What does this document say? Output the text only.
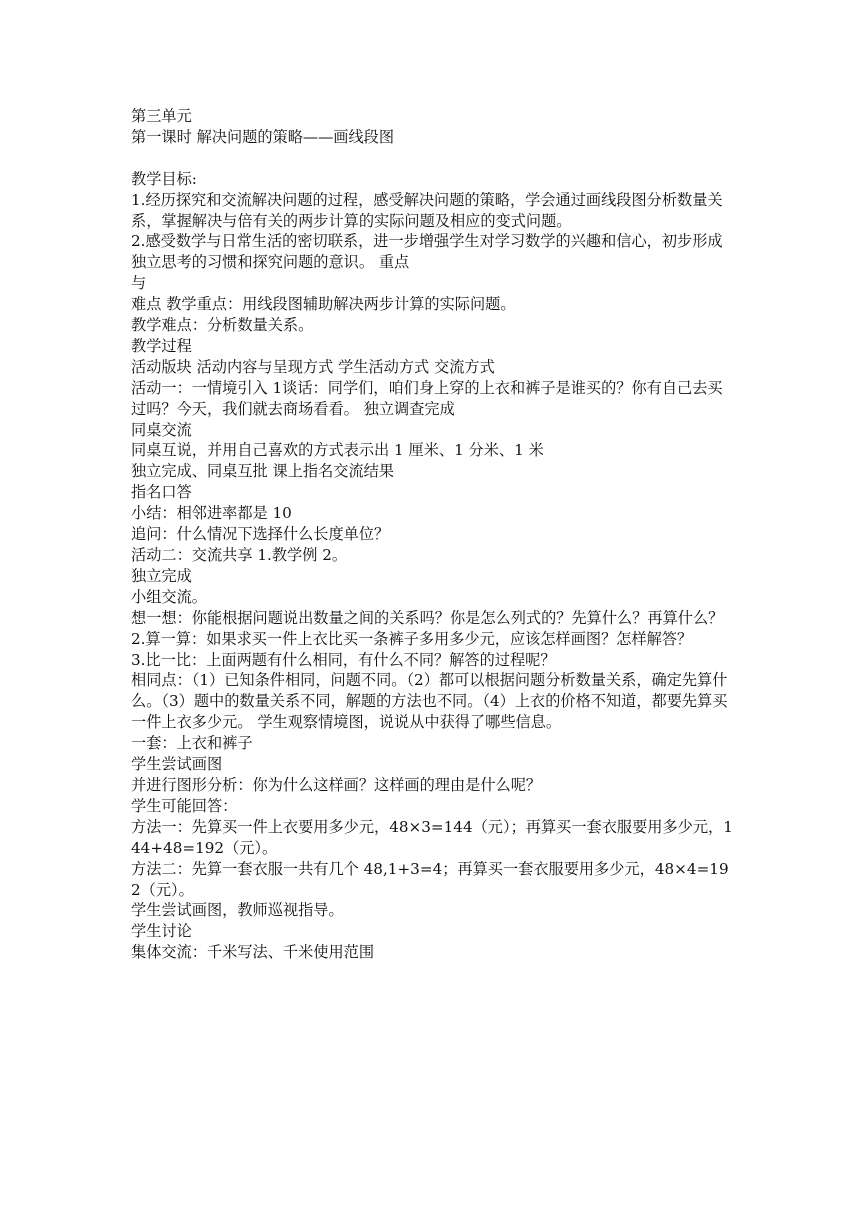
第三单元

第一课时 解决问题的策略——画线段图

教学目标:

1.经历探究和交流解决问题的过程，感受解决问题的策略，学会通过画线段图分析数量关系，掌握解决与倍有关的两步计算的实际问题及相应的变式问题。

2.感受数学与日常生活的密切联系，进一步增强学生对学习数学的兴趣和信心，初步形成独立思考的习惯和探究问题的意识。 重点

与

难点 教学重点：用线段图辅助解决两步计算的实际问题。

教学难点：分析数量关系。

教学过程

活动版块 活动内容与呈现方式 学生活动方式 交流方式

活动一：一情境引入 1谈话：同学们，咱们身上穿的上衣和裤子是谁买的？你有自己去买过吗？今天，我们就去商场看看。 独立调查完成

同桌交流

同桌互说，并用自己喜欢的方式表示出 1 厘米、1 分米、1 米

独立完成、同桌互批 课上指名交流结果

指名口答

小结：相邻进率都是 10

追问：什么情况下选择什么长度单位？

活动二：交流共享 1.教学例 2。

独立完成

小组交流。

想一想：你能根据问题说出数量之间的关系吗？你是怎么列式的？先算什么？再算什么？

2.算一算：如果求买一件上衣比买一条裤子多用多少元，应该怎样画图？怎样解答？

3.比一比：上面两题有什么相同，有什么不同？解答的过程呢？

相同点：（1）已知条件相同，问题不同。（2）都可以根据问题分析数量关系，确定先算什么。（3）题中的数量关系不同，解题的方法也不同。（4）上衣的价格不知道，都要先算买一件上衣多少元。 学生观察情境图，说说从中获得了哪些信息。

一套：上衣和裤子

学生尝试画图

并进行图形分析：你为什么这样画？这样画的理由是什么呢？

学生可能回答：

方法一：先算买一件上衣要用多少元，48×3=144（元）；再算买一套衣服要用多少元，144+48=192（元）。

方法二：先算一套衣服一共有几个 48,1+3=4；再算买一套衣服要用多少元，48×4=192（元）。

学生尝试画图，教师巡视指导。

学生讨论

集体交流：千米写法、千米使用范围
